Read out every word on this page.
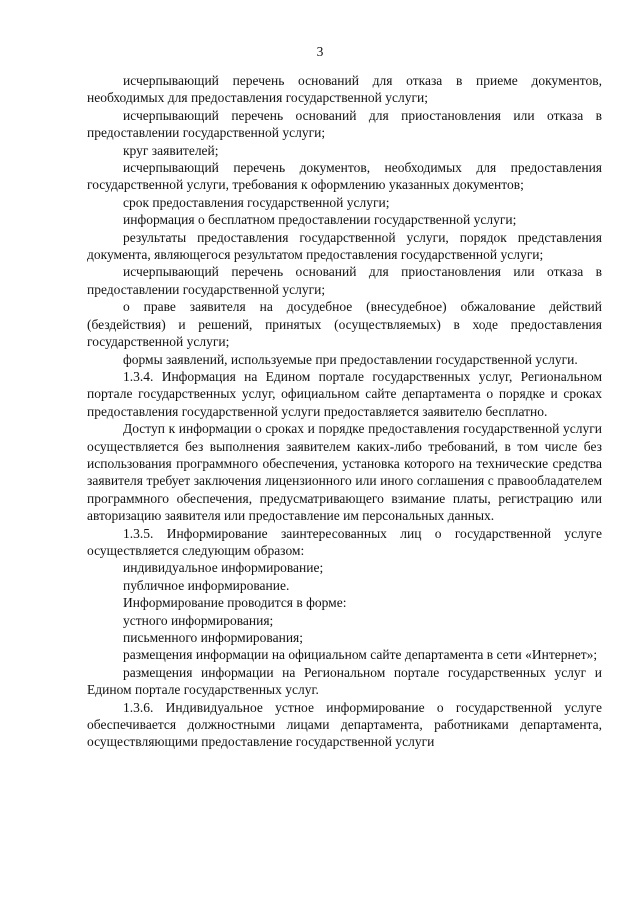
3

исчерпывающий перечень оснований для отказа в приеме документов, необходимых для предоставления государственной услуги;

исчерпывающий перечень оснований для приостановления или отказа в предоставлении государственной услуги;

круг заявителей;

исчерпывающий перечень документов, необходимых для предоставления государственной услуги, требования к оформлению указанных документов;

срок предоставления государственной услуги;

информация о бесплатном предоставлении государственной услуги;

результаты предоставления государственной услуги, порядок представления документа, являющегося результатом предоставления государственной услуги;

исчерпывающий перечень оснований для приостановления или отказа в предоставлении государственной услуги;

о праве заявителя на досудебное (внесудебное) обжалование действий (бездействия) и решений, принятых (осуществляемых) в ходе предоставления государственной услуги;

формы заявлений, используемые при предоставлении государственной услуги.

1.3.4. Информация на Едином портале государственных услуг, Региональном портале государственных услуг, официальном сайте департамента о порядке и сроках предоставления государственной услуги предоставляется заявителю бесплатно.

Доступ к информации о сроках и порядке предоставления государственной услуги осуществляется без выполнения заявителем каких-либо требований, в том числе без использования программного обеспечения, установка которого на технические средства заявителя требует заключения лицензионного или иного соглашения с правообладателем программного обеспечения, предусматривающего взимание платы, регистрацию или авторизацию заявителя или предоставление им персональных данных.

1.3.5. Информирование заинтересованных лиц о государственной услуге осуществляется следующим образом:

индивидуальное информирование;

публичное информирование.

Информирование проводится в форме:

устного информирования;

письменного информирования;

размещения информации на официальном сайте департамента в сети «Интернет»;

размещения информации на Региональном портале государственных услуг и Едином портале государственных услуг.

1.3.6. Индивидуальное устное информирование о государственной услуге обеспечивается должностными лицами департамента, работниками департамента, осуществляющими предоставление государственной услуги
